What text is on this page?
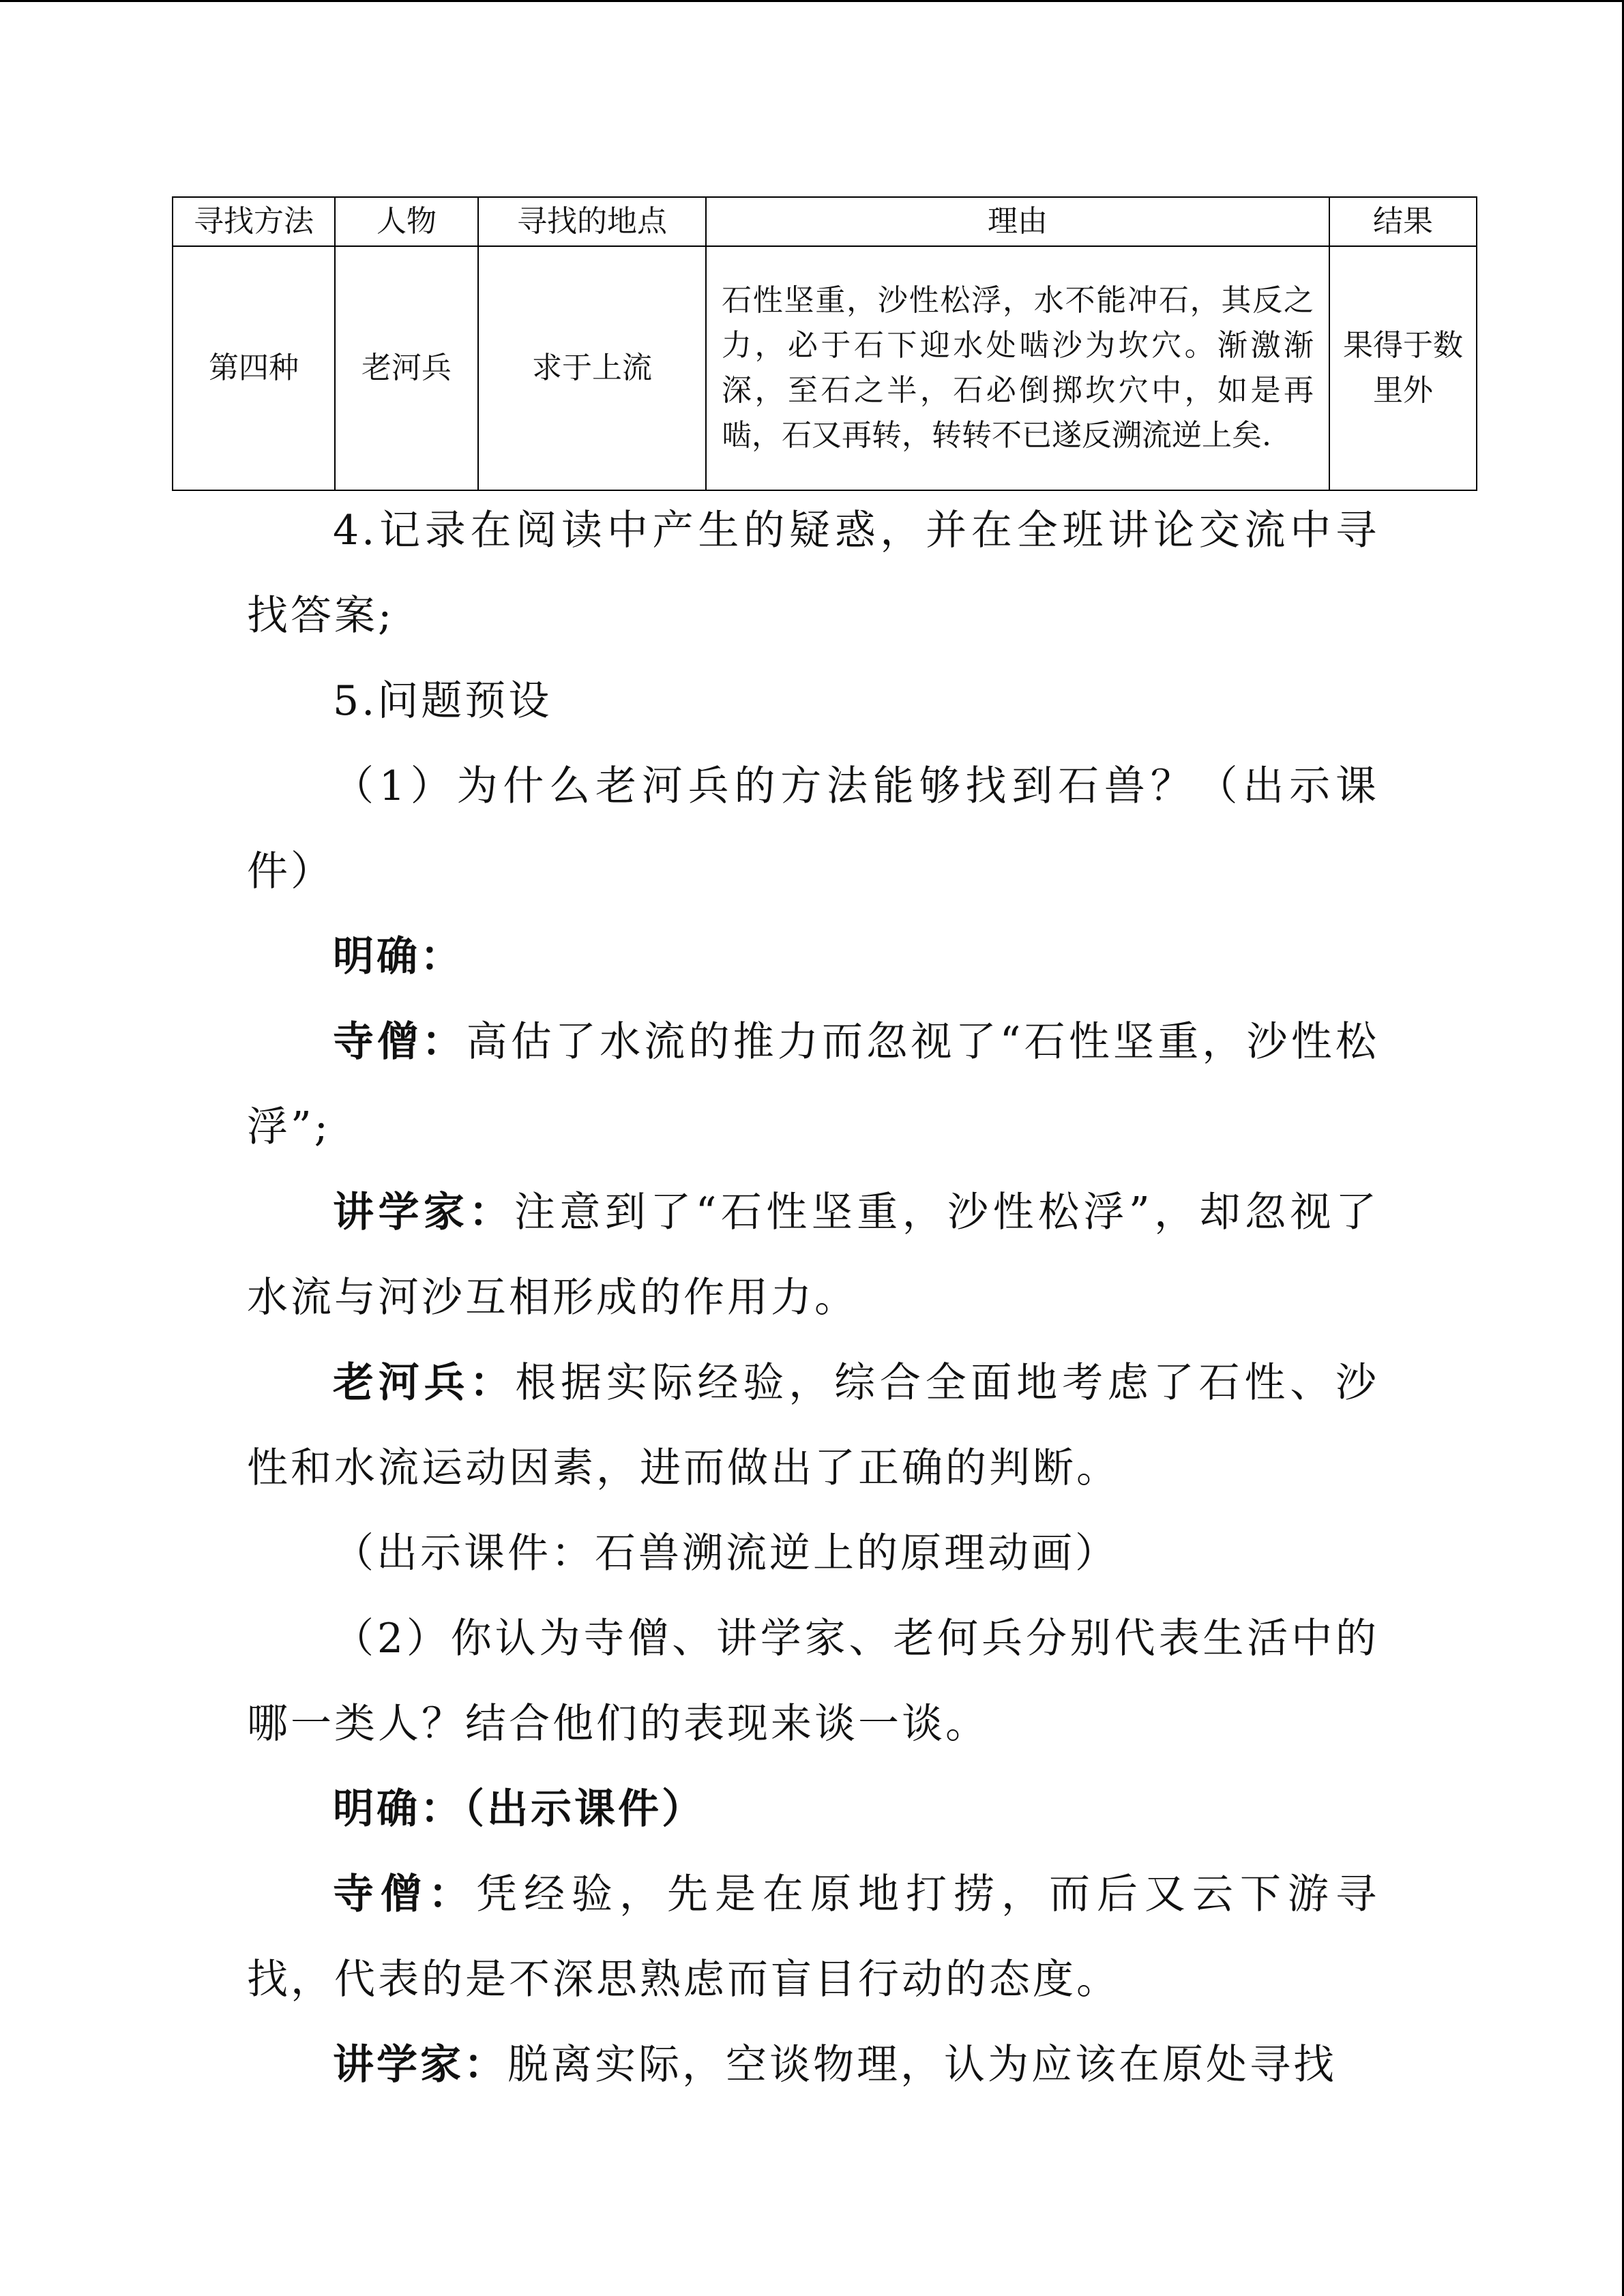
寻找方法	人物	寻找的地点	理由	结果
第四种	老河兵	求于上流	石性坚重，沙性松浮，水不能冲石，其反之力，必于石下迎水处啮沙为坎穴。渐激渐深，至石之半，石必倒掷坎穴中，如是再啮，石又再转，转转不已遂反溯流逆上矣.	果得于数里外

4.记录在阅读中产生的疑惑，并在全班讲论交流中寻找答案;

5.问题预设

（1）为什么老河兵的方法能够找到石兽？（出示课件）

明确：

寺僧：高估了水流的推力而忽视了“石性坚重，沙性松浮”;

讲学家：注意到了“石性坚重，沙性松浮”，却忽视了水流与河沙互相形成的作用力。

老河兵：根据实际经验，综合全面地考虑了石性、沙性和水流运动因素，进而做出了正确的判断。

（出示课件：石兽溯流逆上的原理动画）

（2）你认为寺僧、讲学家、老何兵分别代表生活中的哪一类人？结合他们的表现来谈一谈。

明确：（出示课件）

寺僧：凭经验，先是在原地打捞，而后又云下游寻找，代表的是不深思熟虑而盲目行动的态度。

讲学家：脱离实际，空谈物理，认为应该在原处寻找
